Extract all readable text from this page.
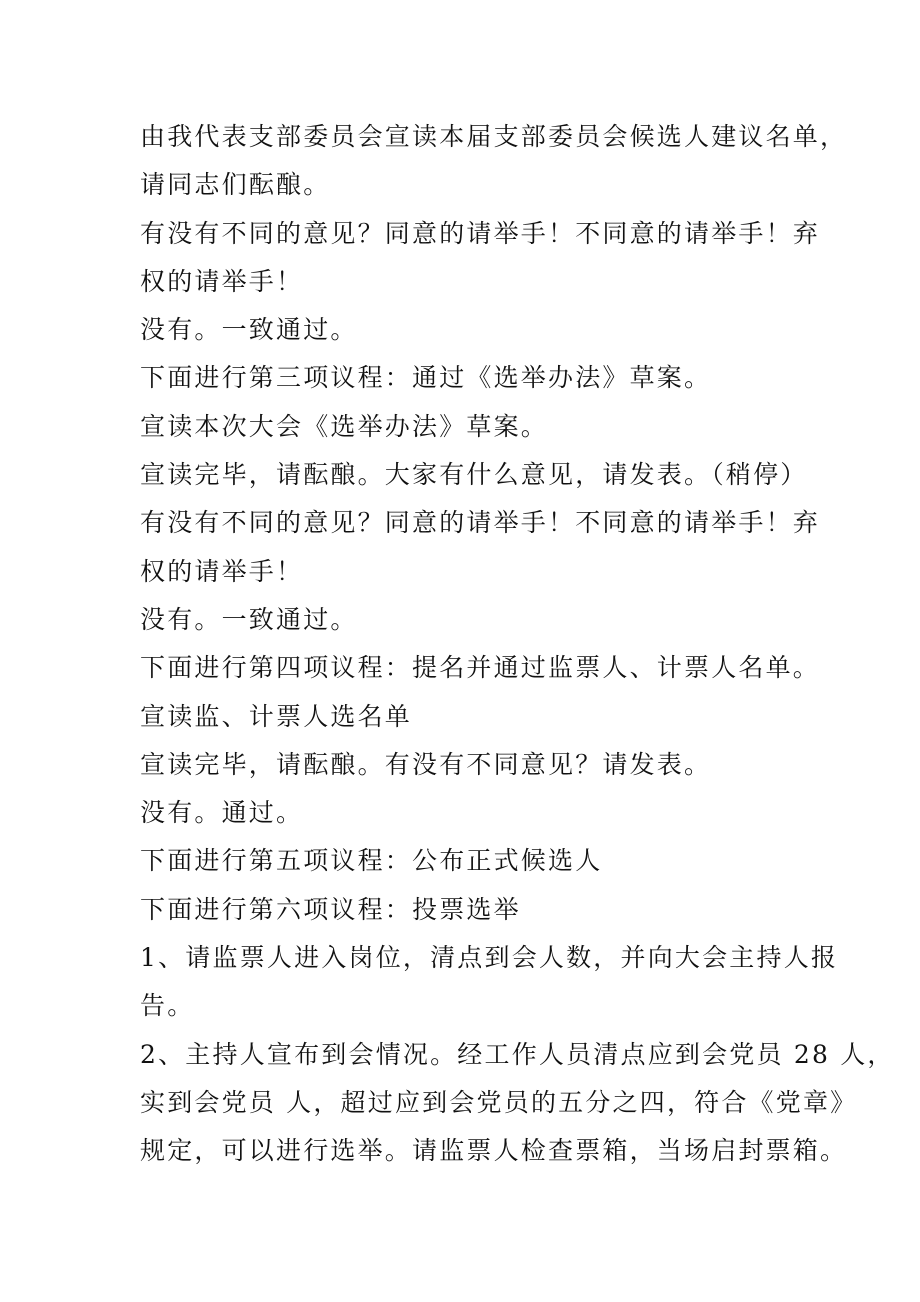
由我代表支部委员会宣读本届支部委员会候选人建议名单，
请同志们酝酿。

有没有不同的意见？同意的请举手！不同意的请举手！弃
权的请举手！

没有。一致通过。

下面进行第三项议程：通过《选举办法》草案。

宣读本次大会《选举办法》草案。

宣读完毕，请酝酿。大家有什么意见，请发表。（稍停）

有没有不同的意见？同意的请举手！不同意的请举手！弃
权的请举手！

没有。一致通过。

下面进行第四项议程：提名并通过监票人、计票人名单。

宣读监、计票人选名单

宣读完毕，请酝酿。有没有不同意见？请发表。

没有。通过。

下面进行第五项议程：公布正式候选人

下面进行第六项议程：投票选举

1、请监票人进入岗位，清点到会人数，并向大会主持人报
告。

2、主持人宣布到会情况。经工作人员清点应到会党员 28 人，
实到会党员 人，超过应到会党员的五分之四，符合《党章》
规定，可以进行选举。请监票人检查票箱，当场启封票箱。
